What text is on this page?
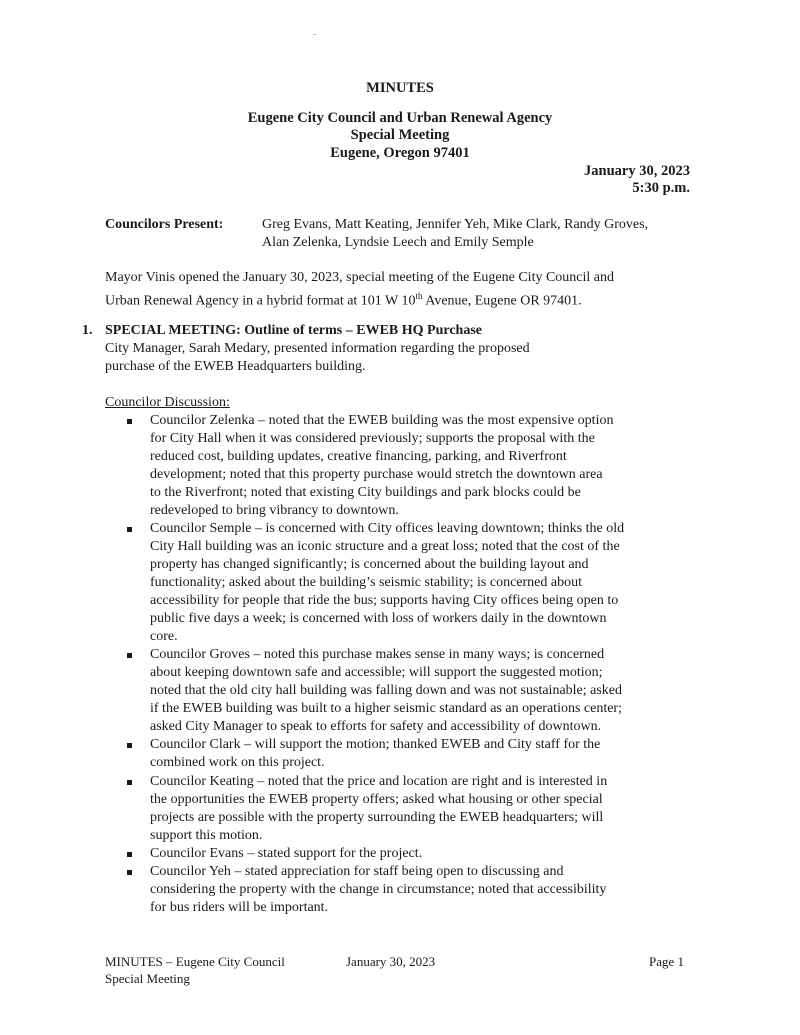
MINUTES
Eugene City Council and Urban Renewal Agency
Special Meeting
Eugene, Oregon 97401
January 30, 2023
5:30 p.m.
Councilors Present:	Greg Evans, Matt Keating, Jennifer Yeh, Mike Clark, Randy Groves,
Alan Zelenka, Lyndsie Leech and Emily Semple
Mayor Vinis opened the January 30, 2023, special meeting of the Eugene City Council and
Urban Renewal Agency in a hybrid format at 101 W 10th Avenue, Eugene OR 97401.
1. SPECIAL MEETING: Outline of terms – EWEB HQ Purchase
City Manager, Sarah Medary, presented information regarding the proposed
purchase of the EWEB Headquarters building.
Councilor Discussion:
Councilor Zelenka – noted that the EWEB building was the most expensive option
for City Hall when it was considered previously; supports the proposal with the
reduced cost, building updates, creative financing, parking, and Riverfront
development; noted that this property purchase would stretch the downtown area
to the Riverfront; noted that existing City buildings and park blocks could be
redeveloped to bring vibrancy to downtown.
Councilor Semple – is concerned with City offices leaving downtown; thinks the old
City Hall building was an iconic structure and a great loss; noted that the cost of the
property has changed significantly; is concerned about the building layout and
functionality; asked about the building’s seismic stability; is concerned about
accessibility for people that ride the bus; supports having City offices being open to
public five days a week; is concerned with loss of workers daily in the downtown
core.
Councilor Groves – noted this purchase makes sense in many ways; is concerned
about keeping downtown safe and accessible; will support the suggested motion;
noted that the old city hall building was falling down and was not sustainable; asked
if the EWEB building was built to a higher seismic standard as an operations center;
asked City Manager to speak to efforts for safety and accessibility of downtown.
Councilor Clark – will support the motion; thanked EWEB and City staff for the
combined work on this project.
Councilor Keating – noted that the price and location are right and is interested in
the opportunities the EWEB property offers; asked what housing or other special
projects are possible with the property surrounding the EWEB headquarters; will
support this motion.
Councilor Evans – stated support for the project.
Councilor Yeh – stated appreciation for staff being open to discussing and
considering the property with the change in circumstance; noted that accessibility
for bus riders will be important.
MINUTES – Eugene City Council
Special Meeting
January 30, 2023	Page 1
